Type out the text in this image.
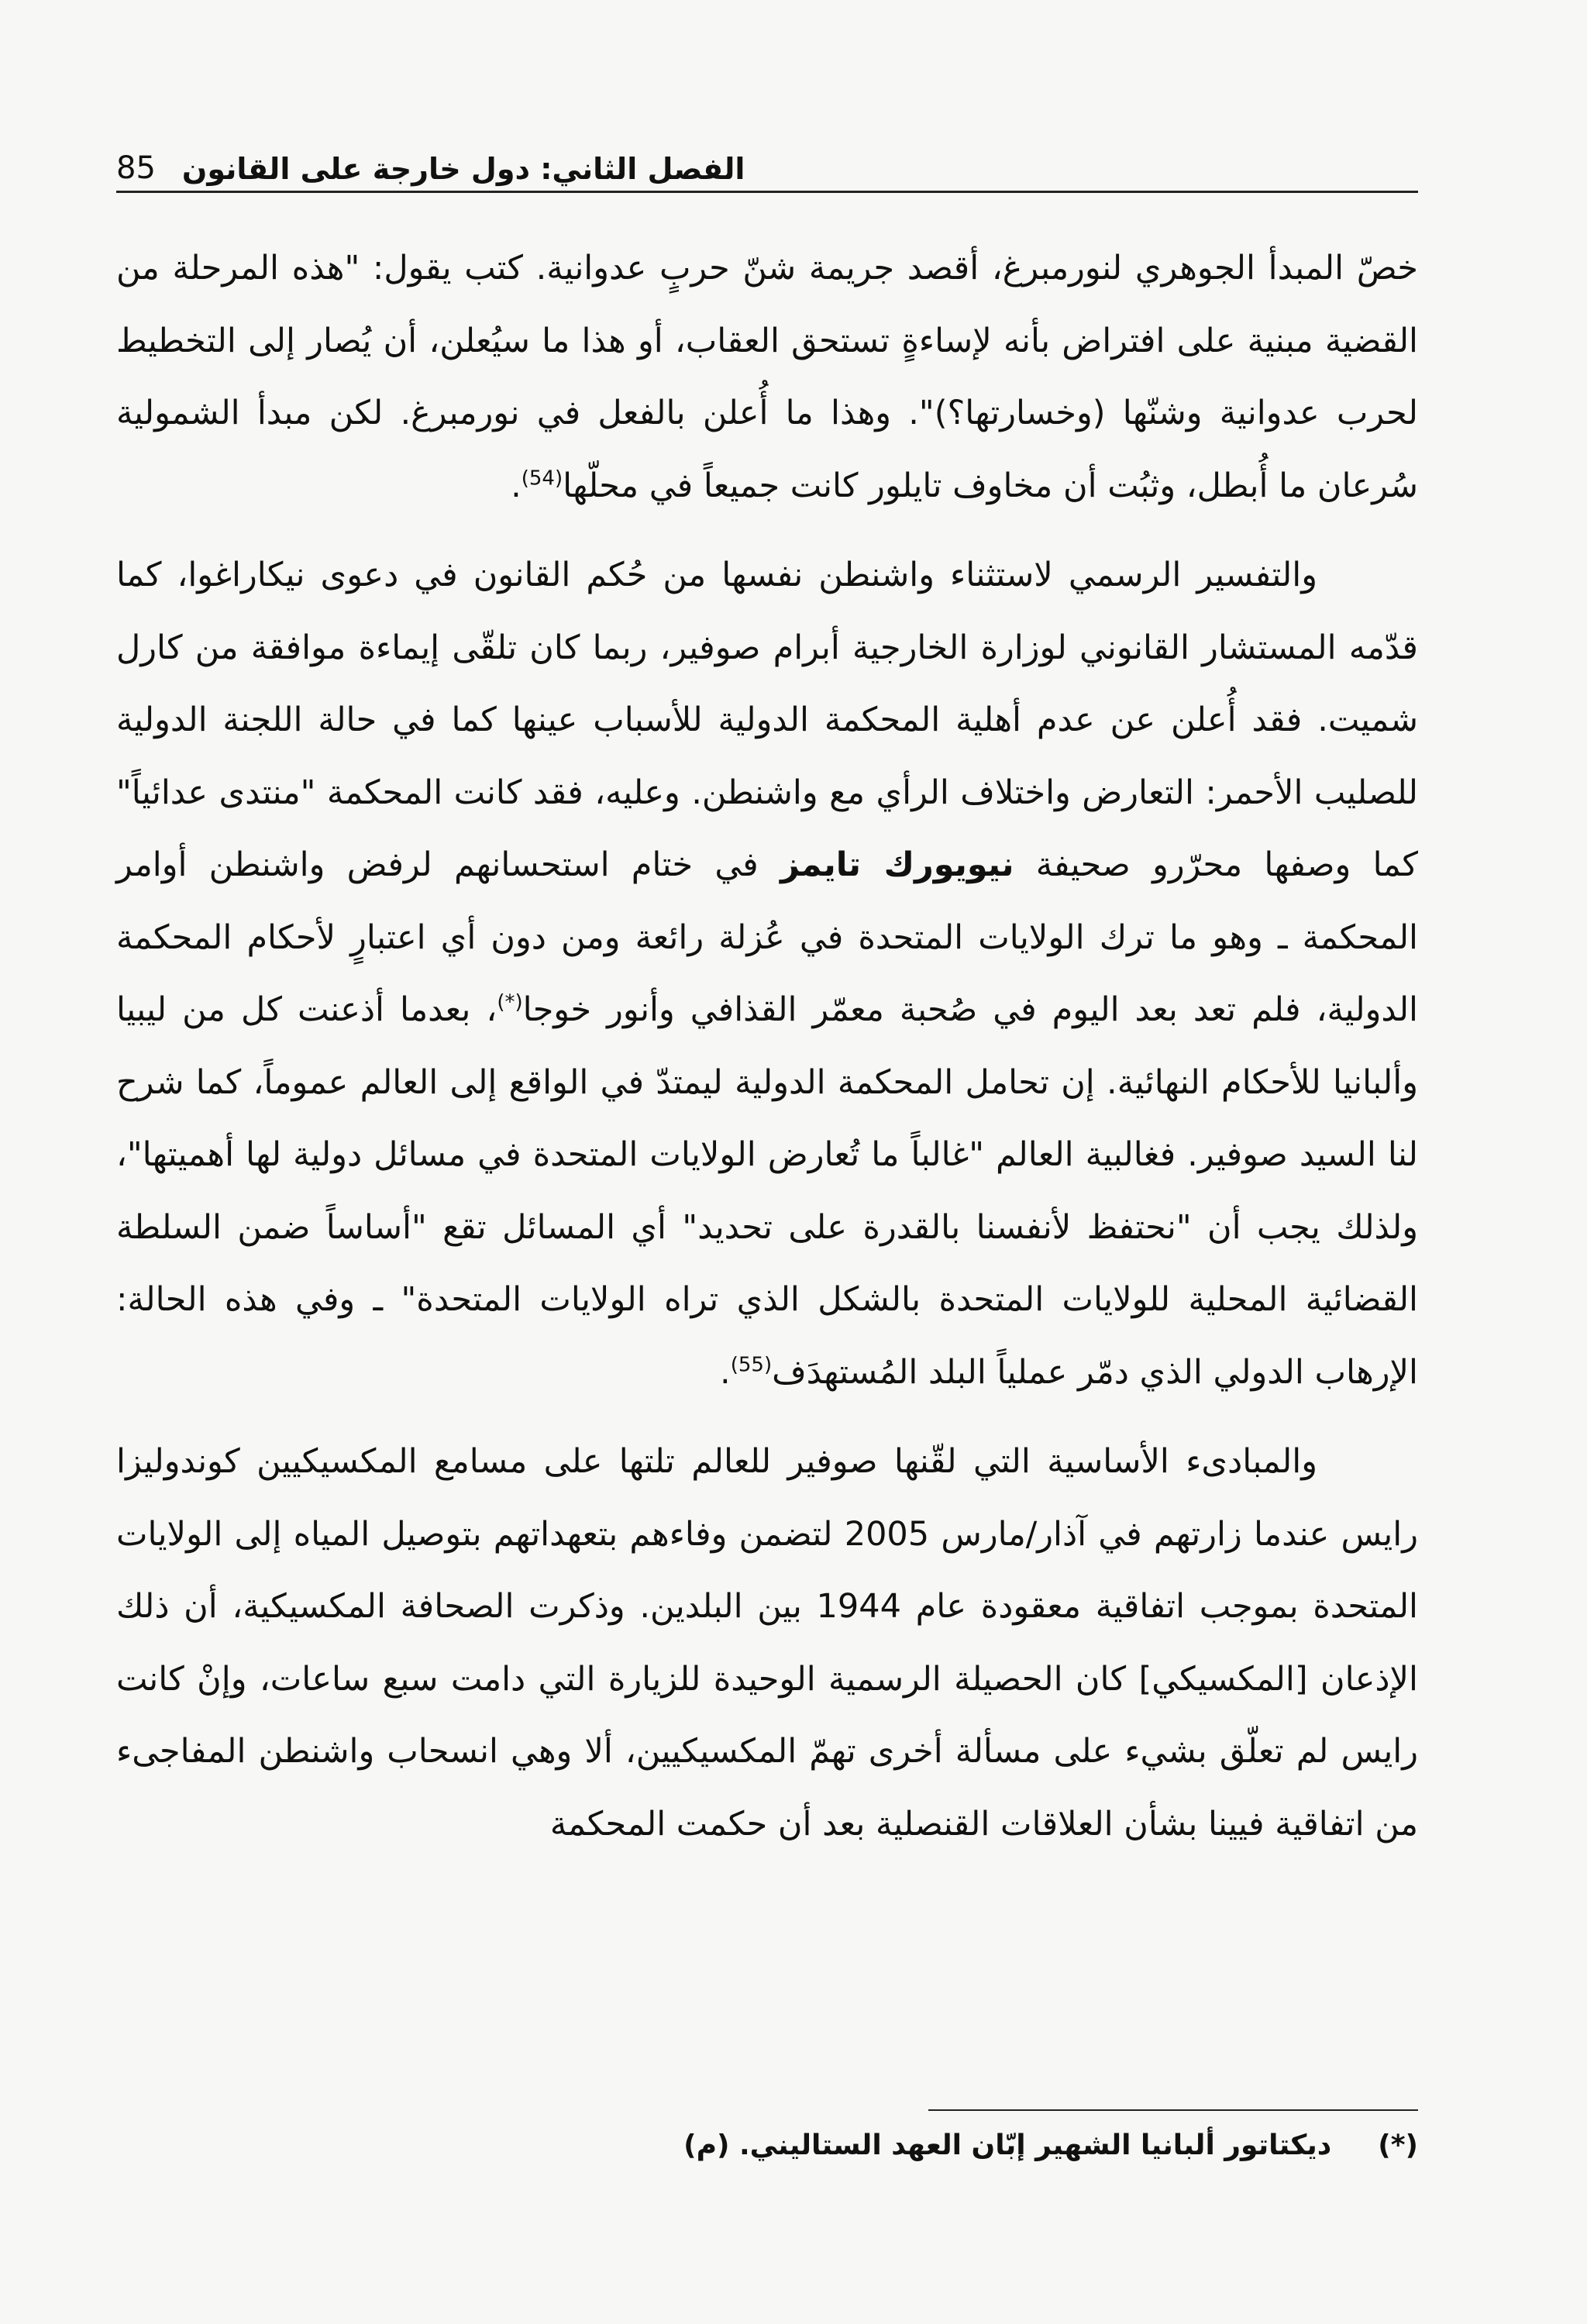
85 الفصل الثاني: دول خارجة على القانون

خصّ المبدأ الجوهري لنورمبرغ، أقصد جريمة شنّ حربٍ عدوانية. كتب يقول: "هذه المرحلة من القضية مبنية على افتراض بأنه لإساءةٍ تستحق العقاب، أو هذا ما سيُعلن، أن يُصار إلى التخطيط لحرب عدوانية وشنّها (وخسارتها؟)". وهذا ما أُعلن بالفعل في نورمبرغ. لكن مبدأ الشمولية سُرعان ما أُبطل، وثبُت أن مخاوف تايلور كانت جميعاً في محلّها$^{(54)}$.

والتفسير الرسمي لاستثناء واشنطن نفسها من حُكم القانون في دعوى نيكاراغوا، كما قدّمه المستشار القانوني لوزارة الخارجية أبرام صوفير، ربما كان تلقّى إيماءة موافقة من كارل شميت. فقد أُعلن عن عدم أهلية المحكمة الدولية للأسباب عينها كما في حالة اللجنة الدولية للصليب الأحمر: التعارض واختلاف الرأي مع واشنطن. وعليه، فقد كانت المحكمة "منتدى عدائياً" كما وصفها محرّرو صحيفة نيويورك تايمز في ختام استحسانهم لرفض واشنطن أوامر المحكمة ـ وهو ما ترك الولايات المتحدة في عُزلة رائعة ومن دون أي اعتبارٍ لأحكام المحكمة الدولية، فلم تعد بعد اليوم في صُحبة معمّر القذافي وأنور خوجا(*)، بعدما أذعنت كل من ليبيا وألبانيا للأحكام النهائية. إن تحامل المحكمة الدولية ليمتدّ في الواقع إلى العالم عموماً، كما شرح لنا السيد صوفير. فغالبية العالم "غالباً ما تُعارض الولايات المتحدة في مسائل دولية لها أهميتها"، ولذلك يجب أن "نحتفظ لأنفسنا بالقدرة على تحديد" أي المسائل تقع "أساساً ضمن السلطة القضائية المحلية للولايات المتحدة بالشكل الذي تراه الولايات المتحدة" ـ وفي هذه الحالة: الإرهاب الدولي الذي دمّر عملياً البلد المُستهدَف$^{(55)}$.

والمبادىء الأساسية التي لقّنها صوفير للعالم تلتها على مسامع المكسيكيين كوندوليزا رايس عندما زارتهم في آذار/مارس 2005 لتضمن وفاءهم بتعهداتهم بتوصيل المياه إلى الولايات المتحدة بموجب اتفاقية معقودة عام 1944 بين البلدين. وذكرت الصحافة المكسيكية، أن ذلك الإذعان [المكسيكي] كان الحصيلة الرسمية الوحيدة للزيارة التي دامت سبع ساعات، وإنْ كانت رايس لم تعلّق بشيء على مسألة أخرى تهمّ المكسيكيين، ألا وهي انسحاب واشنطن المفاجىء من اتفاقية فيينا بشأن العلاقات القنصلية بعد أن حكمت المحكمة

(*)ديكتاتور ألبانيا الشهير إبّان العهد الستاليني. (م)
